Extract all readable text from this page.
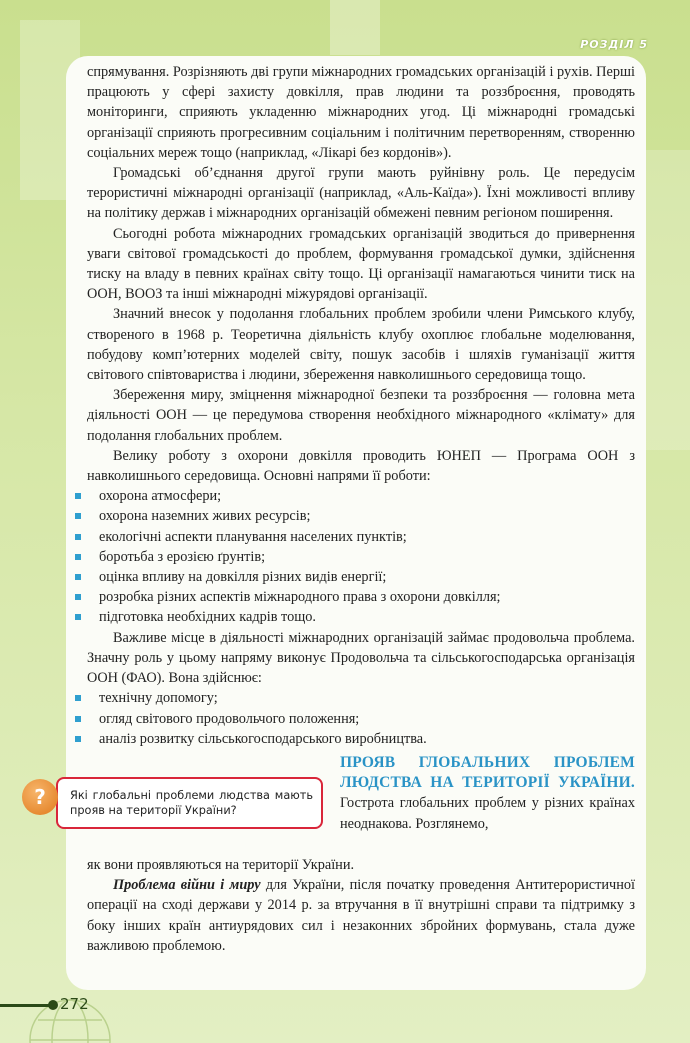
РОЗДІЛ 5

спрямування. Розрізняють дві групи міжнародних громадських організацій і рухів. Перші працюють у сфері захисту довкілля, прав людини та роззброєння, проводять моніторинги, сприяють укладенню міжнародних угод. Ці міжнародні громадські організації сприяють прогресивним соціальним і політичним перетворенням, створенню соціальних мереж тощо (наприклад, «Лікарі без кордонів»).

Громадські об’єднання другої групи мають руйнівну роль. Це передусім терористичні міжнародні організації (наприклад, «Аль-Каїда»). Їхні можливості впливу на політику держав і міжнародних організацій обмежені певним регіоном поширення.

Сьогодні робота міжнародних громадських організацій зводиться до привернення уваги світової громадськості до проблем, формування громадської думки, здійснення тиску на владу в певних країнах світу тощо. Ці організації намагаються чинити тиск на ООН, ВООЗ та інші міжнародні міжурядові організації.

Значний внесок у подолання глобальних проблем зробили члени Римського клубу, створеного в 1968 р. Теоретична діяльність клубу охоплює глобальне моделювання, побудову комп’ютерних моделей світу, пошук засобів і шляхів гуманізації життя світового співтовариства і людини, збереження навколишнього середовища тощо.

Збереження миру, зміцнення міжнародної безпеки та роззброєння — головна мета діяльності ООН — це передумова створення необхідного міжнародного «клімату» для подолання глобальних проблем.

Велику роботу з охорони довкілля проводить ЮНЕП — Програма ООН з навколишнього середовища. Основні напрями її роботи:

охорона атмосфери;
охорона наземних живих ресурсів;
екологічні аспекти планування населених пунктів;
боротьба з ерозією ґрунтів;
оцінка впливу на довкілля різних видів енергії;
розробка різних аспектів міжнародного права з охорони довкілля;
підготовка необхідних кадрів тощо.

Важливе місце в діяльності міжнародних організацій займає продовольча проблема. Значну роль у цьому напряму виконує Продовольча та сільськогосподарська організація ООН (ФАО). Вона здійснює:

технічну допомогу;
огляд світового продовольчого положення;
аналіз розвитку сільськогосподарського виробництва.
?	Які глобальні проблеми людства мають прояв на території України?
ПРОЯВ ГЛОБАЛЬНИХ ПРОБЛЕМ ЛЮДСТВА НА ТЕРИТОРІЇ УКРАЇНИ. Гострота глобальних проблем у різних країнах неоднакова. Розглянемо,

як вони проявляються на території України.

Проблема війни і миру для України, після початку проведення Антитерористичної операції на сході держави у 2014 р. за втручання в її внутрішні справи та підтримку з боку інших країн антиурядових сил і незаконних збройних формувань, стала дуже важливою проблемою.

272
